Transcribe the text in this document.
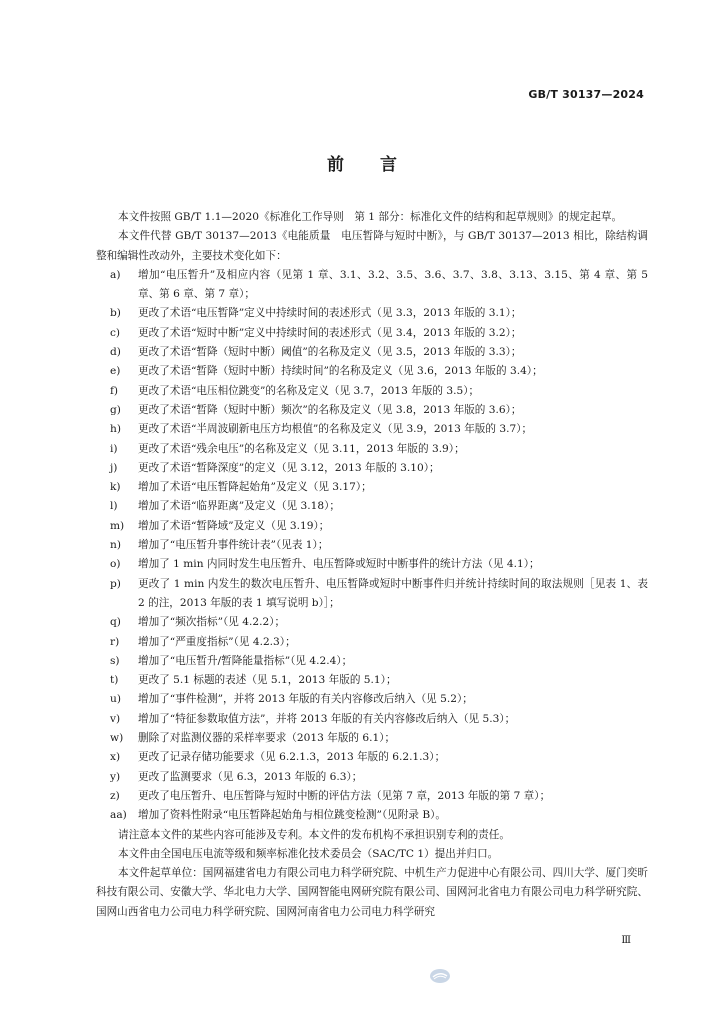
GB/T 30137—2024
前言

本文件按照 GB/T 1.1—2020《标准化工作导则　第 1 部分：标准化文件的结构和起草规则》的规定起草。

本文件代替 GB/T 30137—2013《电能质量　电压暂降与短时中断》，与 GB/T 30137—2013 相比，除结构调整和编辑性改动外，主要技术变化如下：

a)	增加“电压暂升”及相应内容（见第 1 章、3.1、3.2、3.5、3.6、3.7、3.8、3.13、3.15、第 4 章、第 5 章、第 6 章、第 7 章）；
b)	更改了术语“电压暂降”定义中持续时间的表述形式（见 3.3，2013 年版的 3.1）；
c)	更改了术语“短时中断”定义中持续时间的表述形式（见 3.4，2013 年版的 3.2）；
d)	更改了术语“暂降（短时中断）阈值”的名称及定义（见 3.5，2013 年版的 3.3）；
e)	更改了术语“暂降（短时中断）持续时间”的名称及定义（见 3.6，2013 年版的 3.4）；
f)	更改了术语“电压相位跳变”的名称及定义（见 3.7，2013 年版的 3.5）；
g)	更改了术语“暂降（短时中断）频次”的名称及定义（见 3.8，2013 年版的 3.6）；
h)	更改了术语“半周波刷新电压方均根值”的名称及定义（见 3.9，2013 年版的 3.7）；
i)	更改了术语“残余电压”的名称及定义（见 3.11，2013 年版的 3.9）；
j)	更改了术语“暂降深度”的定义（见 3.12，2013 年版的 3.10）；
k)	增加了术语“电压暂降起始角”及定义（见 3.17）；
l)	增加了术语“临界距离”及定义（见 3.18）；
m)	增加了术语“暂降域”及定义（见 3.19）；
n)	增加了“电压暂升事件统计表”（见表 1）；
o)	增加了 1 min 内同时发生电压暂升、电压暂降或短时中断事件的统计方法（见 4.1）；
p)	更改了 1 min 内发生的数次电压暂升、电压暂降或短时中断事件归并统计持续时间的取法规则［见表 1、表 2 的注，2013 年版的表 1 填写说明 b）］；
q)	增加了“频次指标”（见 4.2.2）；
r)	增加了“严重度指标”（见 4.2.3）；
s)	增加了“电压暂升/暂降能量指标”（见 4.2.4）；
t)	更改了 5.1 标题的表述（见 5.1，2013 年版的 5.1）；
u)	增加了“事件检测”，并将 2013 年版的有关内容修改后纳入（见 5.2）；
v)	增加了“特征参数取值方法”，并将 2013 年版的有关内容修改后纳入（见 5.3）；
w)	删除了对监测仪器的采样率要求（2013 年版的 6.1）；
x)	更改了记录存储功能要求（见 6.2.1.3，2013 年版的 6.2.1.3）；
y)	更改了监测要求（见 6.3，2013 年版的 6.3）；
z)	更改了电压暂升、电压暂降与短时中断的评估方法（见第 7 章，2013 年版的第 7 章）；
aa)	增加了资料性附录“电压暂降起始角与相位跳变检测”（见附录 B）。

请注意本文件的某些内容可能涉及专利。本文件的发布机构不承担识别专利的责任。

本文件由全国电压电流等级和频率标准化技术委员会（SAC/TC 1）提出并归口。

本文件起草单位：国网福建省电力有限公司电力科学研究院、中机生产力促进中心有限公司、四川大学、厦门奕昕科技有限公司、安徽大学、华北电力大学、国网智能电网研究院有限公司、国网河北省电力有限公司电力科学研究院、国网山西省电力公司电力科学研究院、国网河南省电力公司电力科学研究

Ⅲ
